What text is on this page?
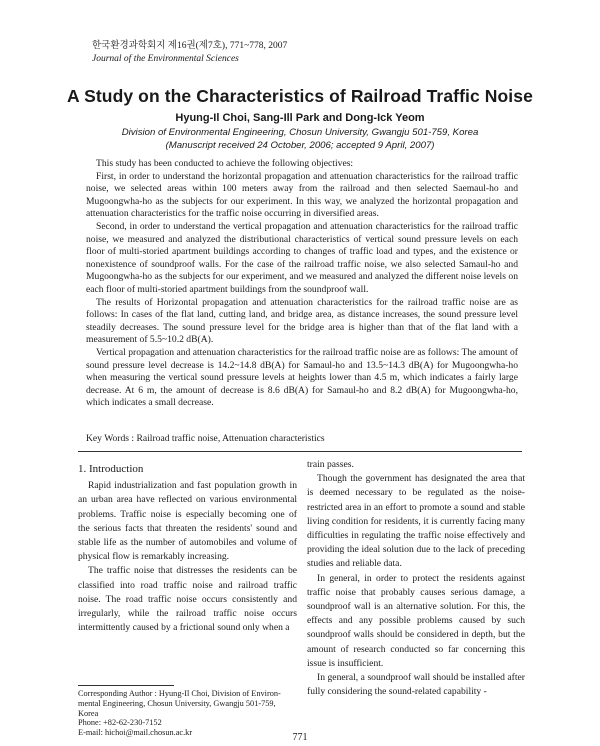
한국환경과학회지 제16권(제7호), 771~778, 2007
Journal of the Environmental Sciences
A Study on the Characteristics of Railroad Traffic Noise
Hyung-Il Choi, Sang-Ill Park and Dong-Ick Yeom
Division of Environmental Engineering, Chosun University, Gwangju 501-759, Korea
(Manuscript received 24 October, 2006; accepted 9 April, 2007)

This study has been conducted to achieve the following objectives:

First, in order to understand the horizontal propagation and attenuation characteristics for the railroad traffic noise, we selected areas within 100 meters away from the railroad and then selected Saemaul-ho and Mugoongwha-ho as the subjects for our experiment. In this way, we analyzed the horizontal propagation and attenuation characteristics for the traffic noise occurring in diversified areas.

Second, in order to understand the vertical propagation and attenuation characteristics for the railroad traffic noise, we measured and analyzed the distributional characteristics of vertical sound pressure levels on each floor of multi-storied apartment buildings according to changes of traffic load and types, and the existence or nonexistence of soundproof walls. For the case of the railroad traffic noise, we also selected Samaul-ho and Mugoongwha-ho as the subjects for our experiment, and we measured and analyzed the different noise levels on each floor of multi-storied apartment buildings from the soundproof wall.

The results of Horizontal propagation and attenuation characteristics for the railroad traffic noise are as follows: In cases of the flat land, cutting land, and bridge area, as distance increases, the sound pressure level steadily decreases. The sound pressure level for the bridge area is higher than that of the flat land with a measurement of 5.5~10.2 dB(A).

Vertical propagation and attenuation characteristics for the railroad traffic noise are as follows: The amount of sound pressure level decrease is 14.2~14.8 dB(A) for Samaul-ho and 13.5~14.3 dB(A) for Mugoongwha-ho when measuring the vertical sound pressure levels at heights lower than 4.5 m, which indicates a fairly large decrease. At 6 m, the amount of decrease is 8.6 dB(A) for Samaul-ho and 8.2 dB(A) for Mugoongwha-ho, which indicates a small decrease.

Key Words : Railroad traffic noise, Attenuation characteristics
1. Introduction

Rapid industrialization and fast population growth in an urban area have reflected on various environmental problems. Traffic noise is especially becoming one of the serious facts that threaten the residents' sound and stable life as the number of automobiles and volume of physical flow is remarkably increasing.

The traffic noise that distresses the residents can be classified into road traffic noise and railroad traffic noise. The road traffic noise occurs consistently and irregularly, while the railroad traffic noise occurs intermittently caused by a frictional sound only when a

train passes.

Though the government has designated the area that is deemed necessary to be regulated as the noise-restricted area in an effort to promote a sound and stable living condition for residents, it is currently facing many difficulties in regulating the traffic noise effectively and providing the ideal solution due to the lack of preceding studies and reliable data.

In general, in order to protect the residents against traffic noise that probably causes serious damage, a soundproof wall is an alternative solution. For this, the effects and any possible problems caused by such soundproof walls should be considered in depth, but the amount of research conducted so far concerning this issue is insufficient.

In general, a soundproof wall should be installed after fully considering the sound-related capability -

Corresponding Author : Hyung-Il Choi, Division of Environ-
mental Engineering, Chosun University, Gwangju 501-759,
Korea
Phone: +82-62-230-7152
E-mail: hichoi@mail.chosun.ac.kr	771
